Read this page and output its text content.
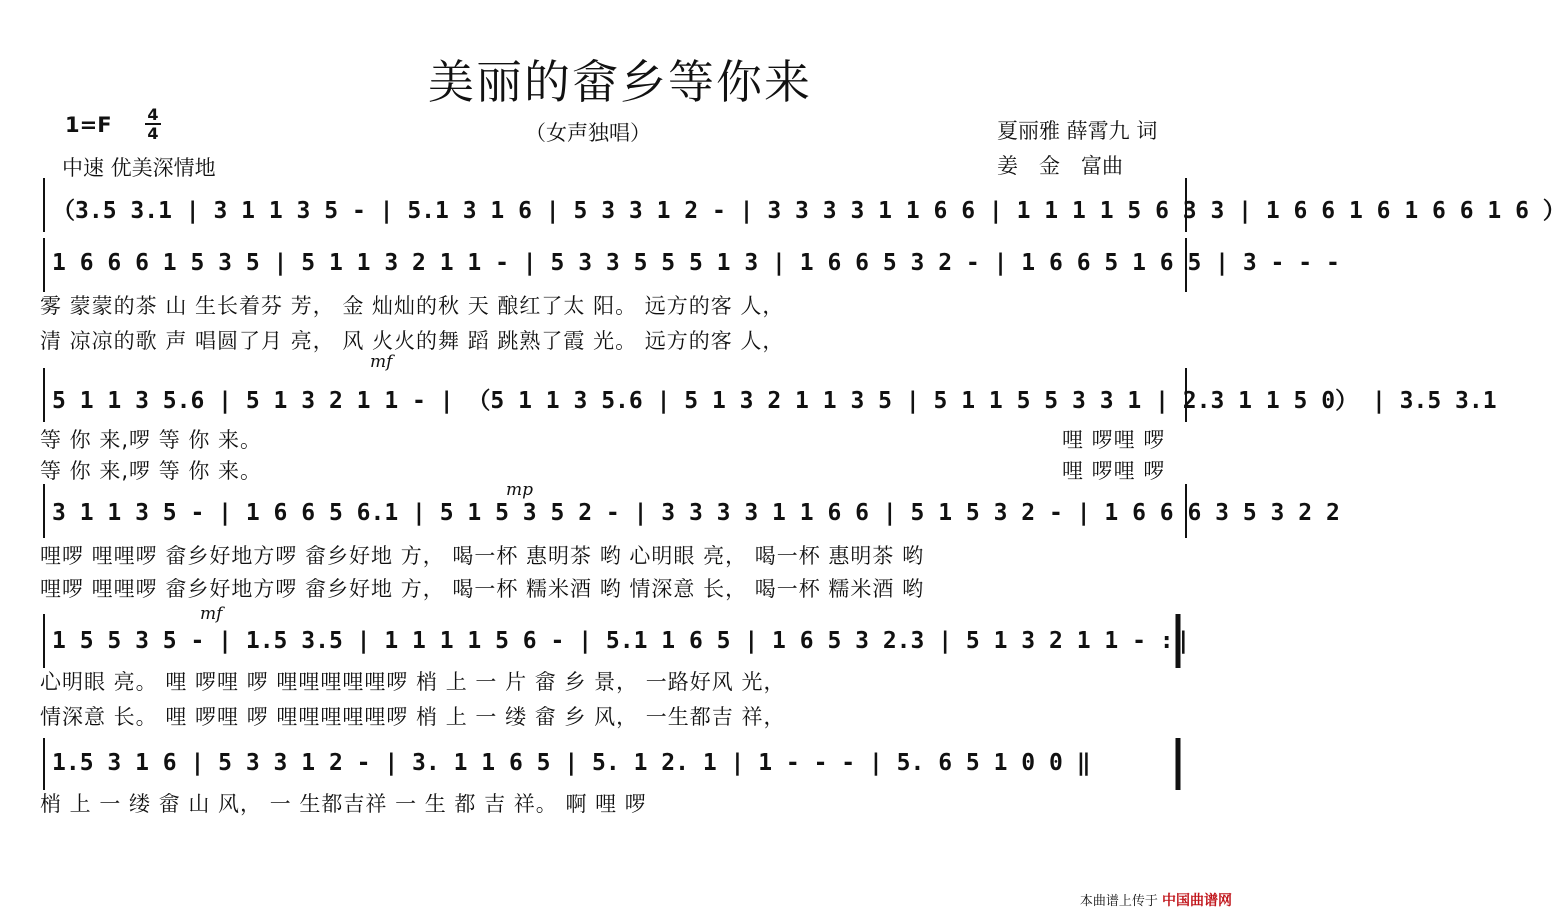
美丽的畲乡等你来
1=F 4
4	（女声独唱）	夏丽雅 薛霄九 词
姜　金　富曲
中速 优美深情地
（3.5 3.1 | 3 1 1 3 5 - | 5.1 3 1 6 | 5 3 3 1 2 - | 3 3 3 3 1 1 6 6 | 1 1 1 1 5 6 3 3 | 1 6 6 1 6 1 6 6 1 6 ）
1 6 6 6 1 5 3 5 | 5 1 1 3 2 1 1 - | 5 3 3 5 5 5 1 3 | 1 6 6 5 3 2 - | 1 6 6 5 1 6 5 | 3 - - -
5 1 1 3 5.6 | 5 1 3 2 1 1 - | （5 1 1 3 5.6 | 5 1 3 2 1 1 3 5 | 5 1 1 5 5 3 3 1 | 2.3 1 1 5 0） | 3.5 3.1
3 1 1 3 5 - | 1 6 6 5 6.1 | 5 1 5 3 5 2 - | 3 3 3 3 1 1 6 6 | 5 1 5 3 2 - | 1 6 6 6 3 5 3 2 2
1 5 5 3 5 - | 1.5 3.5 | 1 1 1 1 5 6 - | 5.1 1 6 5 | 1 6 5 3 2.3 | 5 1 3 2 1 1 - :‖
1.5 3 1 6 | 5 3 3 1 2 - | 3. 1 1 6 5 | 5. 1 2. 1 | 1 - - - | 5. 6 5 1 0 0 ‖
mf
mp
mf
雾 蒙蒙的茶 山 生长着芬 芳， 金 灿灿的秋 天 酿红了太 阳。 远方的客 人，
清 凉凉的歌 声 唱圆了月 亮， 风 火火的舞 蹈 跳熟了霞 光。 远方的客 人，
等 你 来,啰 等 你 来。
等 你 来,啰 等 你 来。
哩 啰哩 啰
哩 啰哩 啰
哩啰 哩哩啰 畲乡好地方啰 畲乡好地 方， 喝一杯 惠明茶 哟 心明眼 亮， 喝一杯 惠明茶 哟
哩啰 哩哩啰 畲乡好地方啰 畲乡好地 方， 喝一杯 糯米酒 哟 情深意 长， 喝一杯 糯米酒 哟
心明眼 亮。 哩 啰哩 啰 哩哩哩哩哩啰 梢 上 一 片 畲 乡 景， 一路好风 光，
情深意 长。 哩 啰哩 啰 哩哩哩哩哩啰 梢 上 一 缕 畲 乡 风， 一生都吉 祥，
梢 上 一 缕 畲 山 风， 一 生都吉祥 一 生 都 吉 祥。 啊 哩 啰
本曲谱上传于 中国曲谱网
